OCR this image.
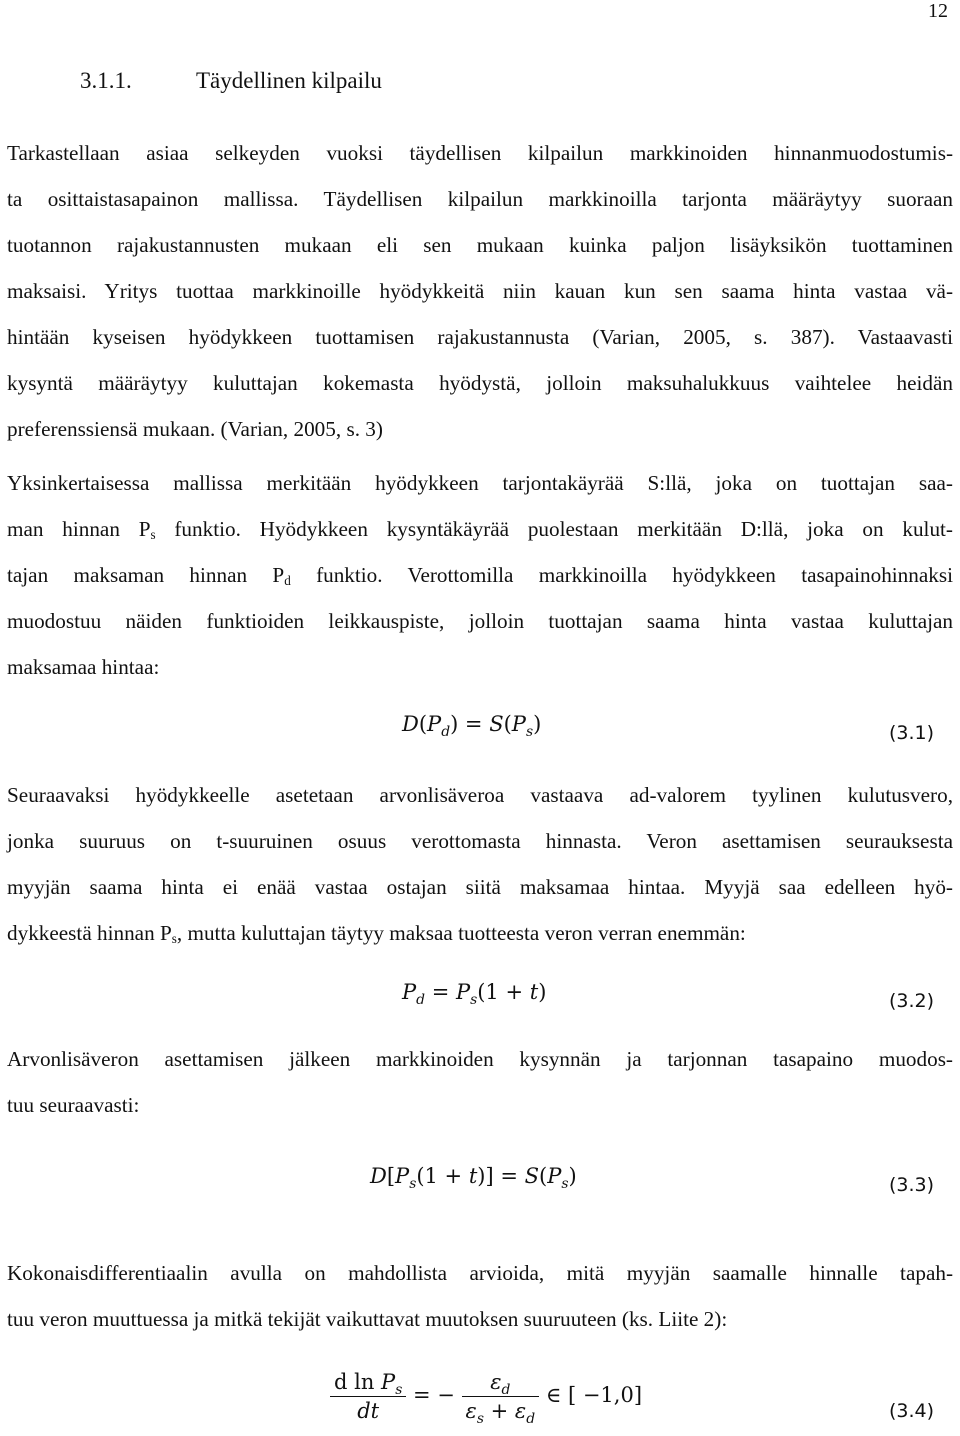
12
3.1.1.	Täydellinen kilpailu

Tarkastellaan asiaa selkeyden vuoksi täydellisen kilpailun markkinoiden hinnanmuodostumis-
ta osittaistasapainon mallissa. Täydellisen kilpailun markkinoilla tarjonta määräytyy suoraan
tuotannon rajakustannusten mukaan eli sen mukaan kuinka paljon lisäyksikön tuottaminen
maksaisi. Yritys tuottaa markkinoille hyödykkeitä niin kauan kun sen saama hinta vastaa vä-
hintään kyseisen hyödykkeen tuottamisen rajakustannusta (Varian, 2005, s. 387). Vastaavasti
kysyntä määräytyy kuluttajan kokemasta hyödystä, jolloin maksuhalukkuus vaihtelee heidän
preferenssiensä mukaan. (Varian, 2005, s. 3)

Yksinkertaisessa mallissa merkitään hyödykkeen tarjontakäyrää S:llä, joka on tuottajan saa-
man hinnan $P_s$ funktio. Hyödykkeen kysyntäkäyrää puolestaan merkitään D:llä, joka on kulut-
tajan maksaman hinnan $P_d$ funktio. Verottomilla markkinoilla hyödykkeen tasapainohinnaksi
muodostuu näiden funktioiden leikkauspiste, jolloin tuottajan saama hinta vastaa kuluttajan
maksamaa hintaa:

$D(P_d) = S(P_s)$	(3.1)

Seuraavaksi hyödykkeelle asetetaan arvonlisäveroa vastaava ad-valorem tyylinen kulutusvero,
jonka suuruus on t-suuruinen osuus verottomasta hinnasta. Veron asettamisen seurauksesta
myyjän saama hinta ei enää vastaa ostajan siitä maksamaa hintaa. Myyjä saa edelleen hyö-
dykkeestä hinnan $P_s$, mutta kuluttajan täytyy maksaa tuotteesta veron verran enemmän:

$P_d = P_s(1 + t)$	(3.2)

Arvonlisäveron asettamisen jälkeen markkinoiden kysynnän ja tarjonnan tasapaino muodos-
tuu seuraavasti:

$D[P_s(1 + t)] = S(P_s)$	(3.3)

Kokonaisdifferentiaalin avulla on mahdollista arvioida, mitä myyjän saamalle hinnalle tapah-
tuu veron muuttuessa ja mitkä tekijät vaikuttavat muutoksen suuruuteen (ks. Liite 2):

$\frac{d \ln P_s}{dt}$ = − $\frac{\varepsilon_d}{\varepsilon_s + \varepsilon_d}$ ∈ [ −1,0]
(3.4)
